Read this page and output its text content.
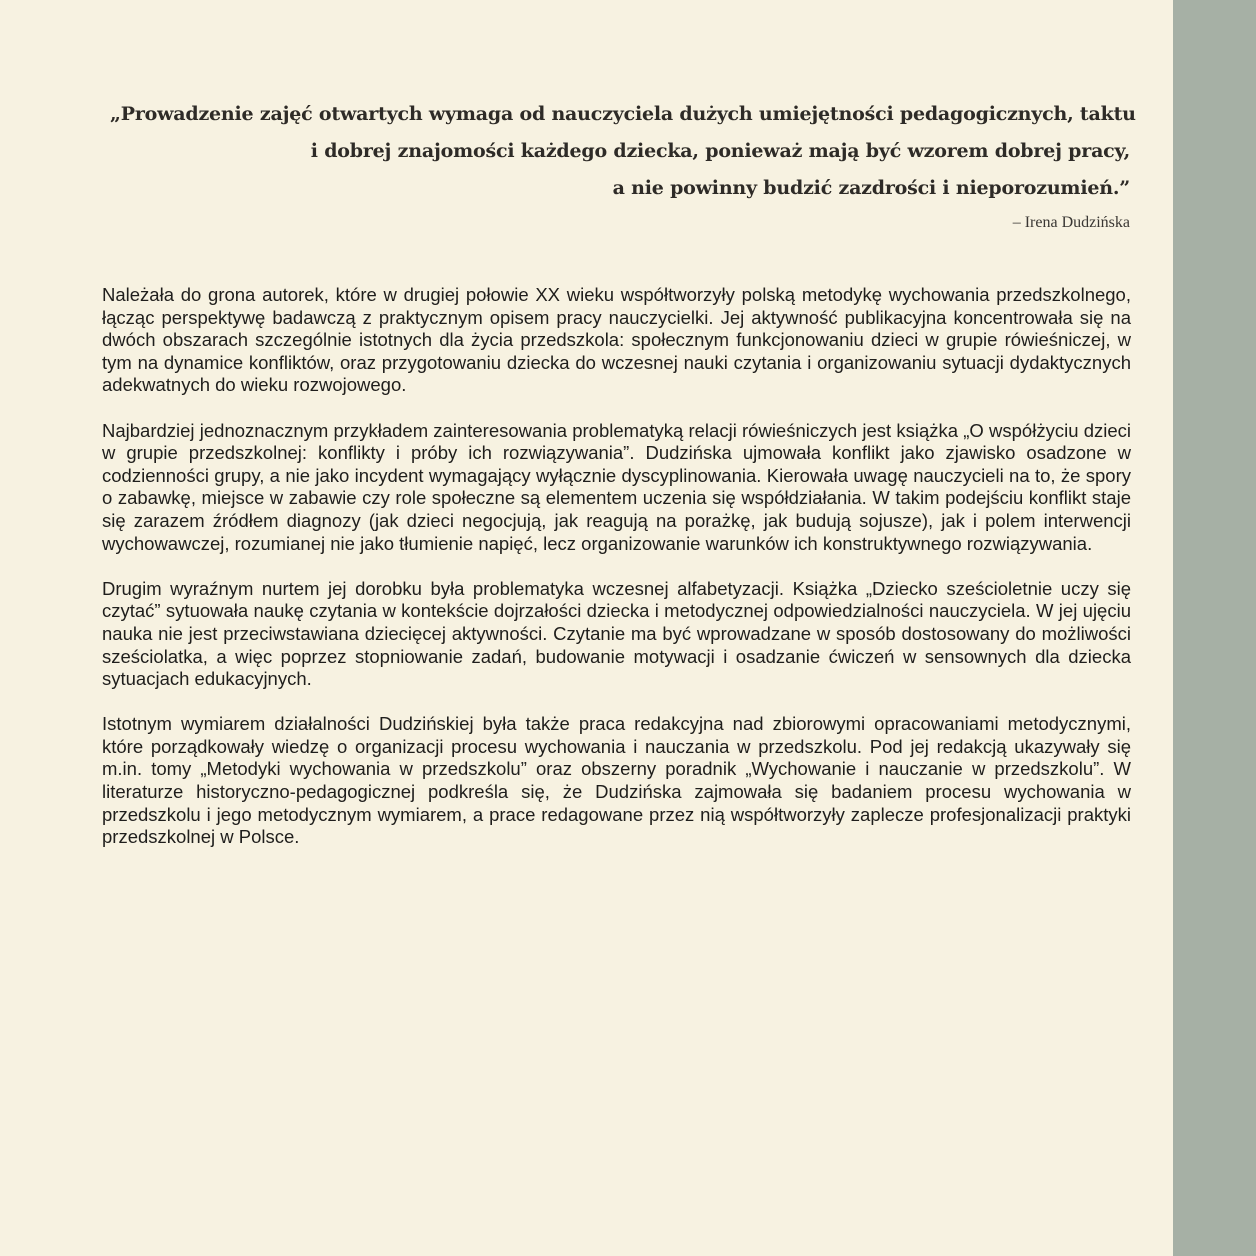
„Prowadzenie zajęć otwartych wymaga od nauczyciela dużych umiejętności pedagogicznych, taktu
i dobrej znajomości każdego dziecka, ponieważ mają być wzorem dobrej pracy,
a nie powinny budzić zazdrości i nieporozumień.”
– Irena Dudzińska

Należała do grona autorek, które w drugiej połowie XX wieku współtworzyły polską metodykę wychowania przedszkolnego, łącząc perspektywę badawczą z praktycznym opisem pracy nauczycielki. Jej aktywność publikacyjna koncentrowała się na dwóch obszarach szczególnie istotnych dla życia przedszkola: społecznym funkcjonowaniu dzieci w grupie rówieśniczej, w tym na dynamice konfliktów, oraz przygotowaniu dziecka do wczesnej nauki czytania i organizowaniu sytuacji dydaktycznych adekwatnych do wieku rozwojowego.

Najbardziej jednoznacznym przykładem zainteresowania problematyką relacji rówieśniczych jest książka „O współżyciu dzieci w grupie przedszkolnej: konflikty i próby ich rozwiązywania”. Dudzińska ujmowała konflikt jako zjawisko osadzone w codzienności grupy, a nie jako incydent wymagający wyłącznie dyscyplinowania. Kierowała uwagę nauczycieli na to, że spory o zabawkę, miejsce w zabawie czy role społeczne są elementem uczenia się współdziałania. W takim podejściu konflikt staje się zarazem źródłem diagnozy (jak dzieci negocjują, jak reagują na porażkę, jak budują sojusze), jak i polem interwencji wychowawczej, rozumianej nie jako tłumienie napięć, lecz organizowanie warunków ich konstruktywnego rozwiązywania.

Drugim wyraźnym nurtem jej dorobku była problematyka wczesnej alfabetyzacji. Książka „Dziecko sześcioletnie uczy się czytać” sytuowała naukę czytania w kontekście dojrzałości dziecka i metodycznej odpowiedzialności nauczyciela. W jej ujęciu nauka nie jest przeciwstawiana dziecięcej aktywności. Czytanie ma być wprowadzane w sposób dostosowany do możliwości sześciolatka, a więc poprzez stopniowanie zadań, budowanie motywacji i osadzanie ćwiczeń w sensownych dla dziecka sytuacjach edukacyjnych.

Istotnym wymiarem działalności Dudzińskiej była także praca redakcyjna nad zbiorowymi opracowaniami metodycznymi, które porządkowały wiedzę o organizacji procesu wychowania i nauczania w przedszkolu. Pod jej redakcją ukazywały się m.in. tomy „Metodyki wychowania w przedszkolu” oraz obszerny poradnik „Wychowanie i nauczanie w przedszkolu”. W literaturze historyczno-pedagogicznej podkreśla się, że Dudzińska zajmowała się badaniem procesu wychowania w przedszkolu i jego metodycznym wymiarem, a prace redagowane przez nią współtworzyły zaplecze profesjonalizacji praktyki przedszkolnej w Polsce.
